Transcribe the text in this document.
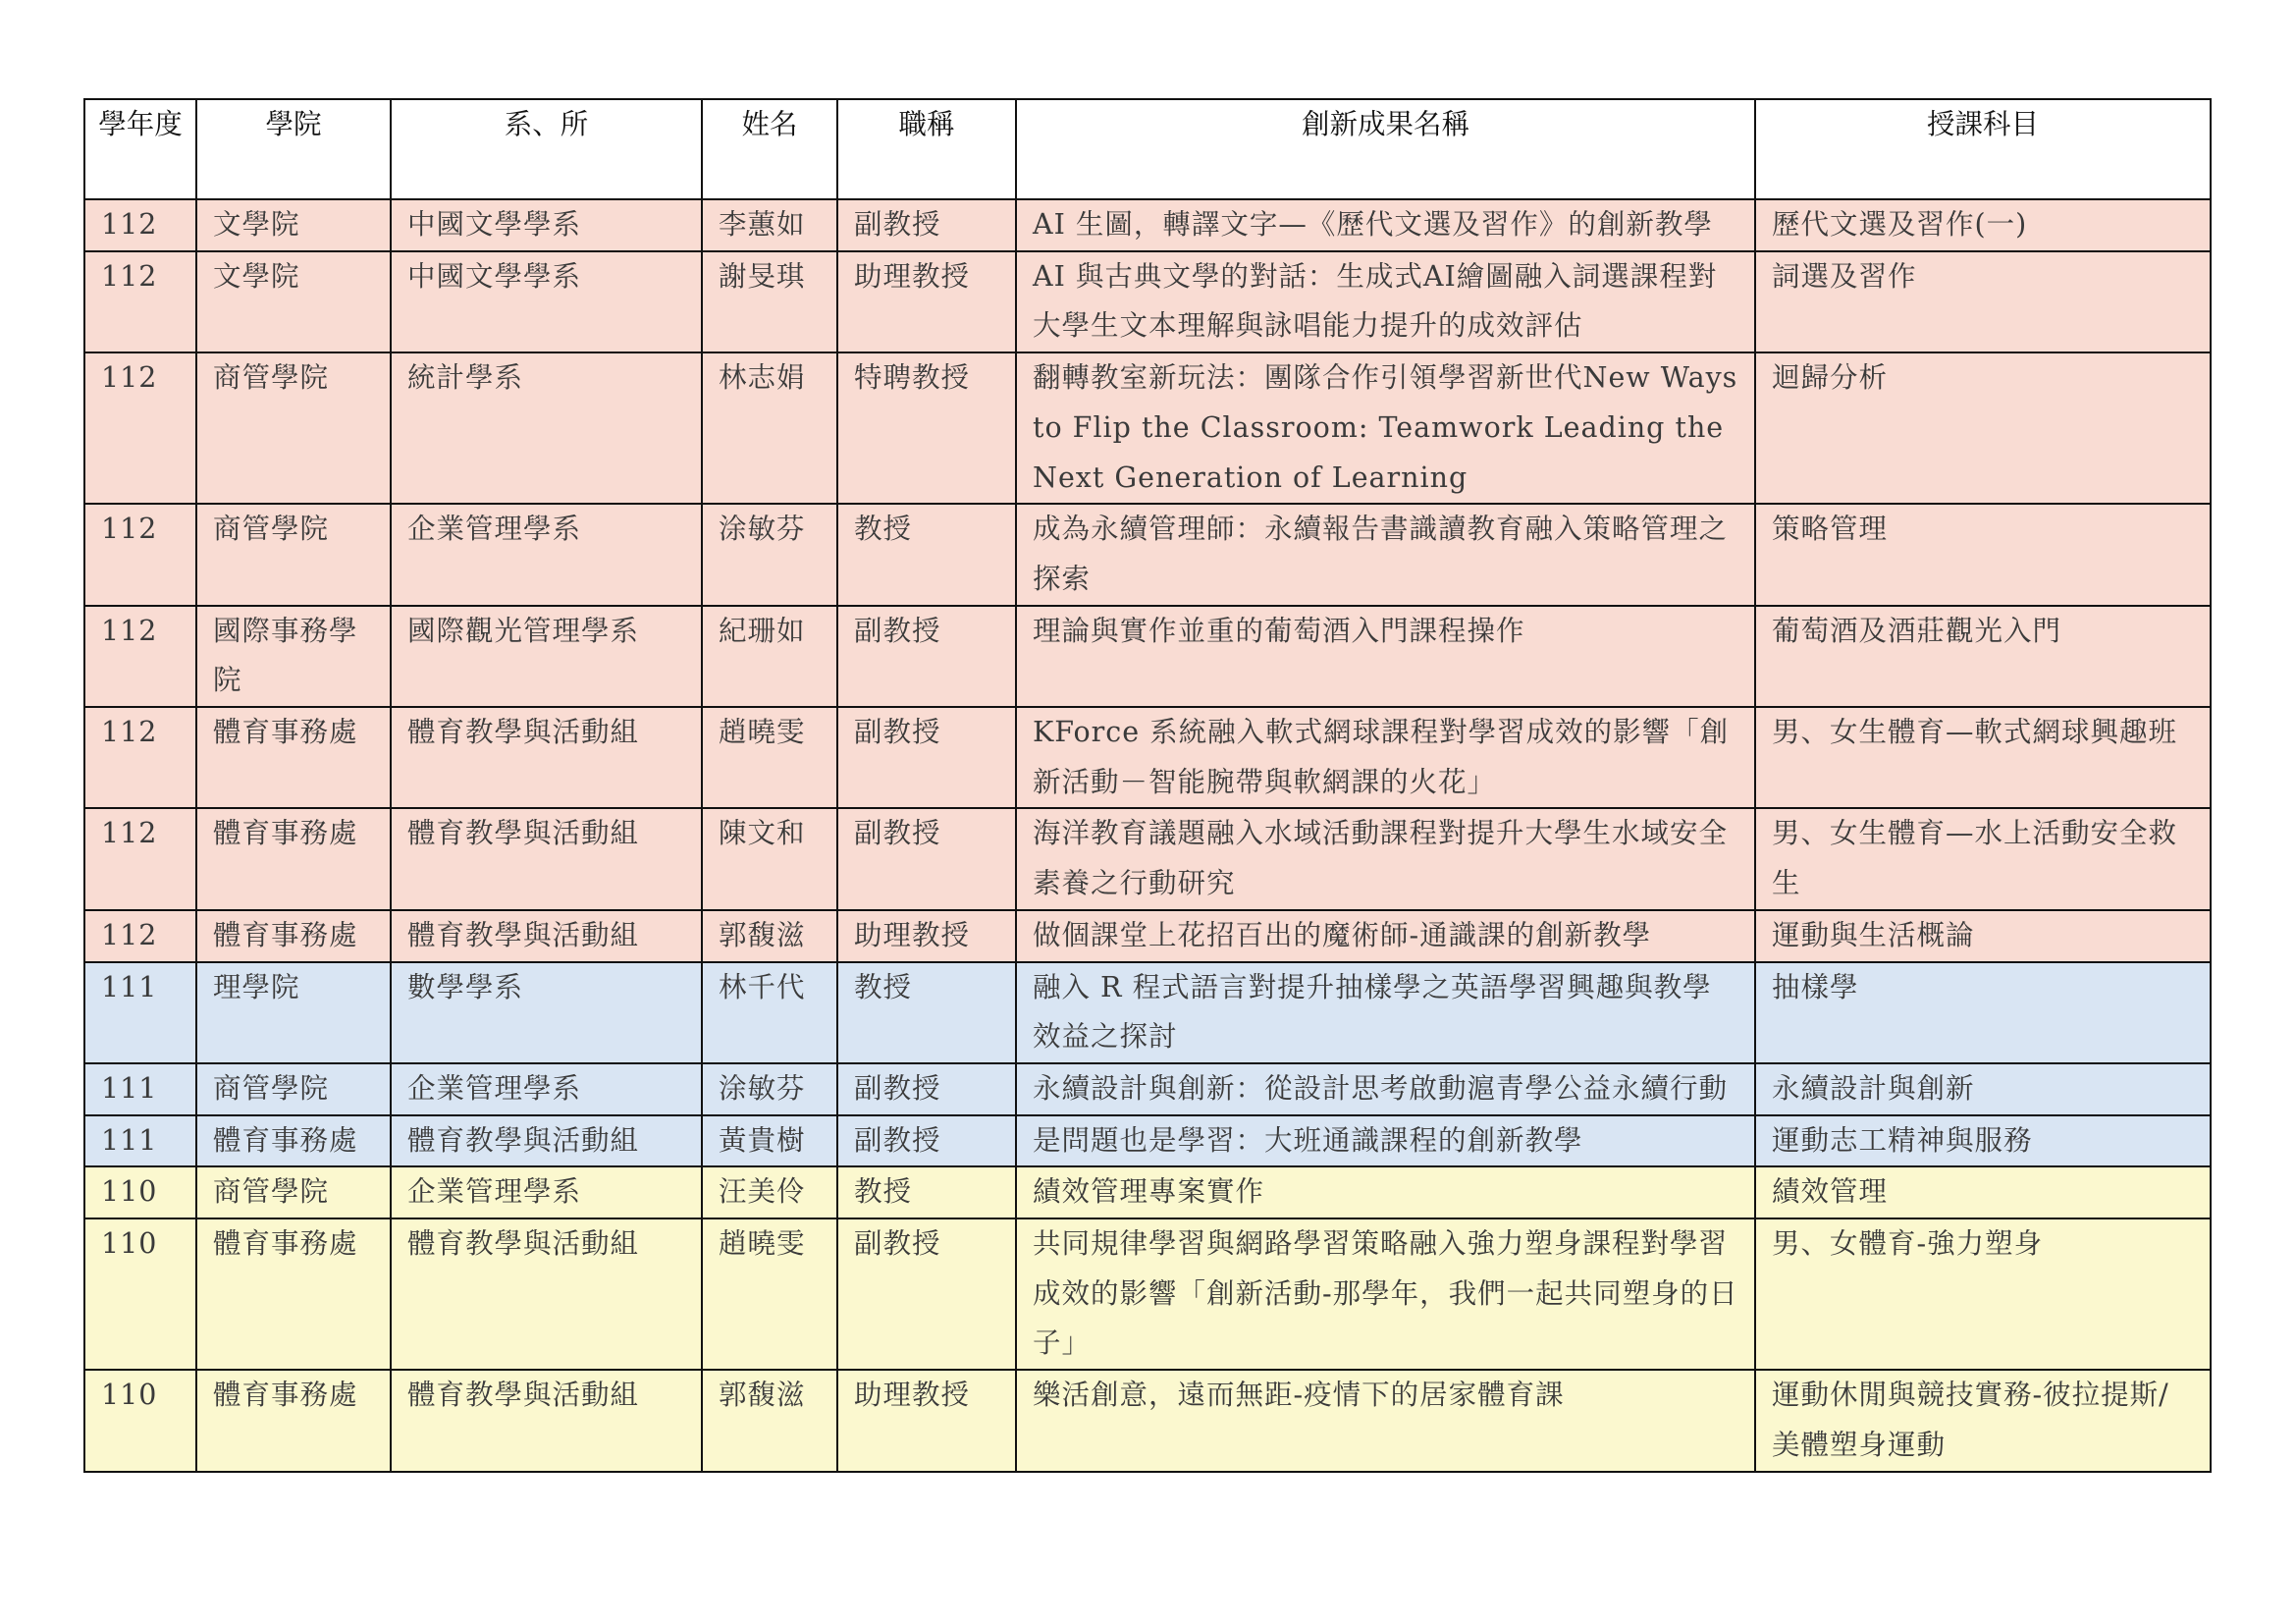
學年度	學院	系、所	姓名	職稱	創新成果名稱	授課科目
112	文學院	中國文學學系	李蕙如	副教授	AI 生圖，轉譯文字—《歷代文選及習作》的創新教學	歷代文選及習作(一)
112	文學院	中國文學學系	謝旻琪	助理教授	AI 與古典文學的對話：生成式AI繪圖融入詞選課程對大學生文本理解與詠唱能力提升的成效評估	詞選及習作
112	商管學院	統計學系	林志娟	特聘教授	翻轉教室新玩法：團隊合作引領學習新世代New Ways to Flip the Classroom: Teamwork Leading the Next Generation of Learning	迴歸分析
112	商管學院	企業管理學系	涂敏芬	教授	成為永續管理師：永續報告書識讀教育融入策略管理之探索	策略管理
112	國際事務學院	國際觀光管理學系	紀珊如	副教授	理論與實作並重的葡萄酒入門課程操作	葡萄酒及酒莊觀光入門
112	體育事務處	體育教學與活動組	趙曉雯	副教授	KForce 系統融入軟式網球課程對學習成效的影響「創新活動－智能腕帶與軟網課的火花」	男、女生體育—軟式網球興趣班
112	體育事務處	體育教學與活動組	陳文和	副教授	海洋教育議題融入水域活動課程對提升大學生水域安全素養之行動研究	男、女生體育—水上活動安全救生
112	體育事務處	體育教學與活動組	郭馥滋	助理教授	做個課堂上花招百出的魔術師-通識課的創新教學	運動與生活概論
111	理學院	數學學系	林千代	教授	融入 R 程式語言對提升抽樣學之英語學習興趣與教學效益之探討	抽樣學
111	商管學院	企業管理學系	涂敏芬	副教授	永續設計與創新：從設計思考啟動滬青學公益永續行動	永續設計與創新
111	體育事務處	體育教學與活動組	黃貴樹	副教授	是問題也是學習：大班通識課程的創新教學	運動志工精神與服務
110	商管學院	企業管理學系	汪美伶	教授	績效管理專案實作	績效管理
110	體育事務處	體育教學與活動組	趙曉雯	副教授	共同規律學習與網路學習策略融入強力塑身課程對學習成效的影響「創新活動-那學年，我們一起共同塑身的日子」	男、女體育-強力塑身
110	體育事務處	體育教學與活動組	郭馥滋	助理教授	樂活創意，遠而無距-疫情下的居家體育課	運動休閒與競技實務-彼拉提斯/美體塑身運動
